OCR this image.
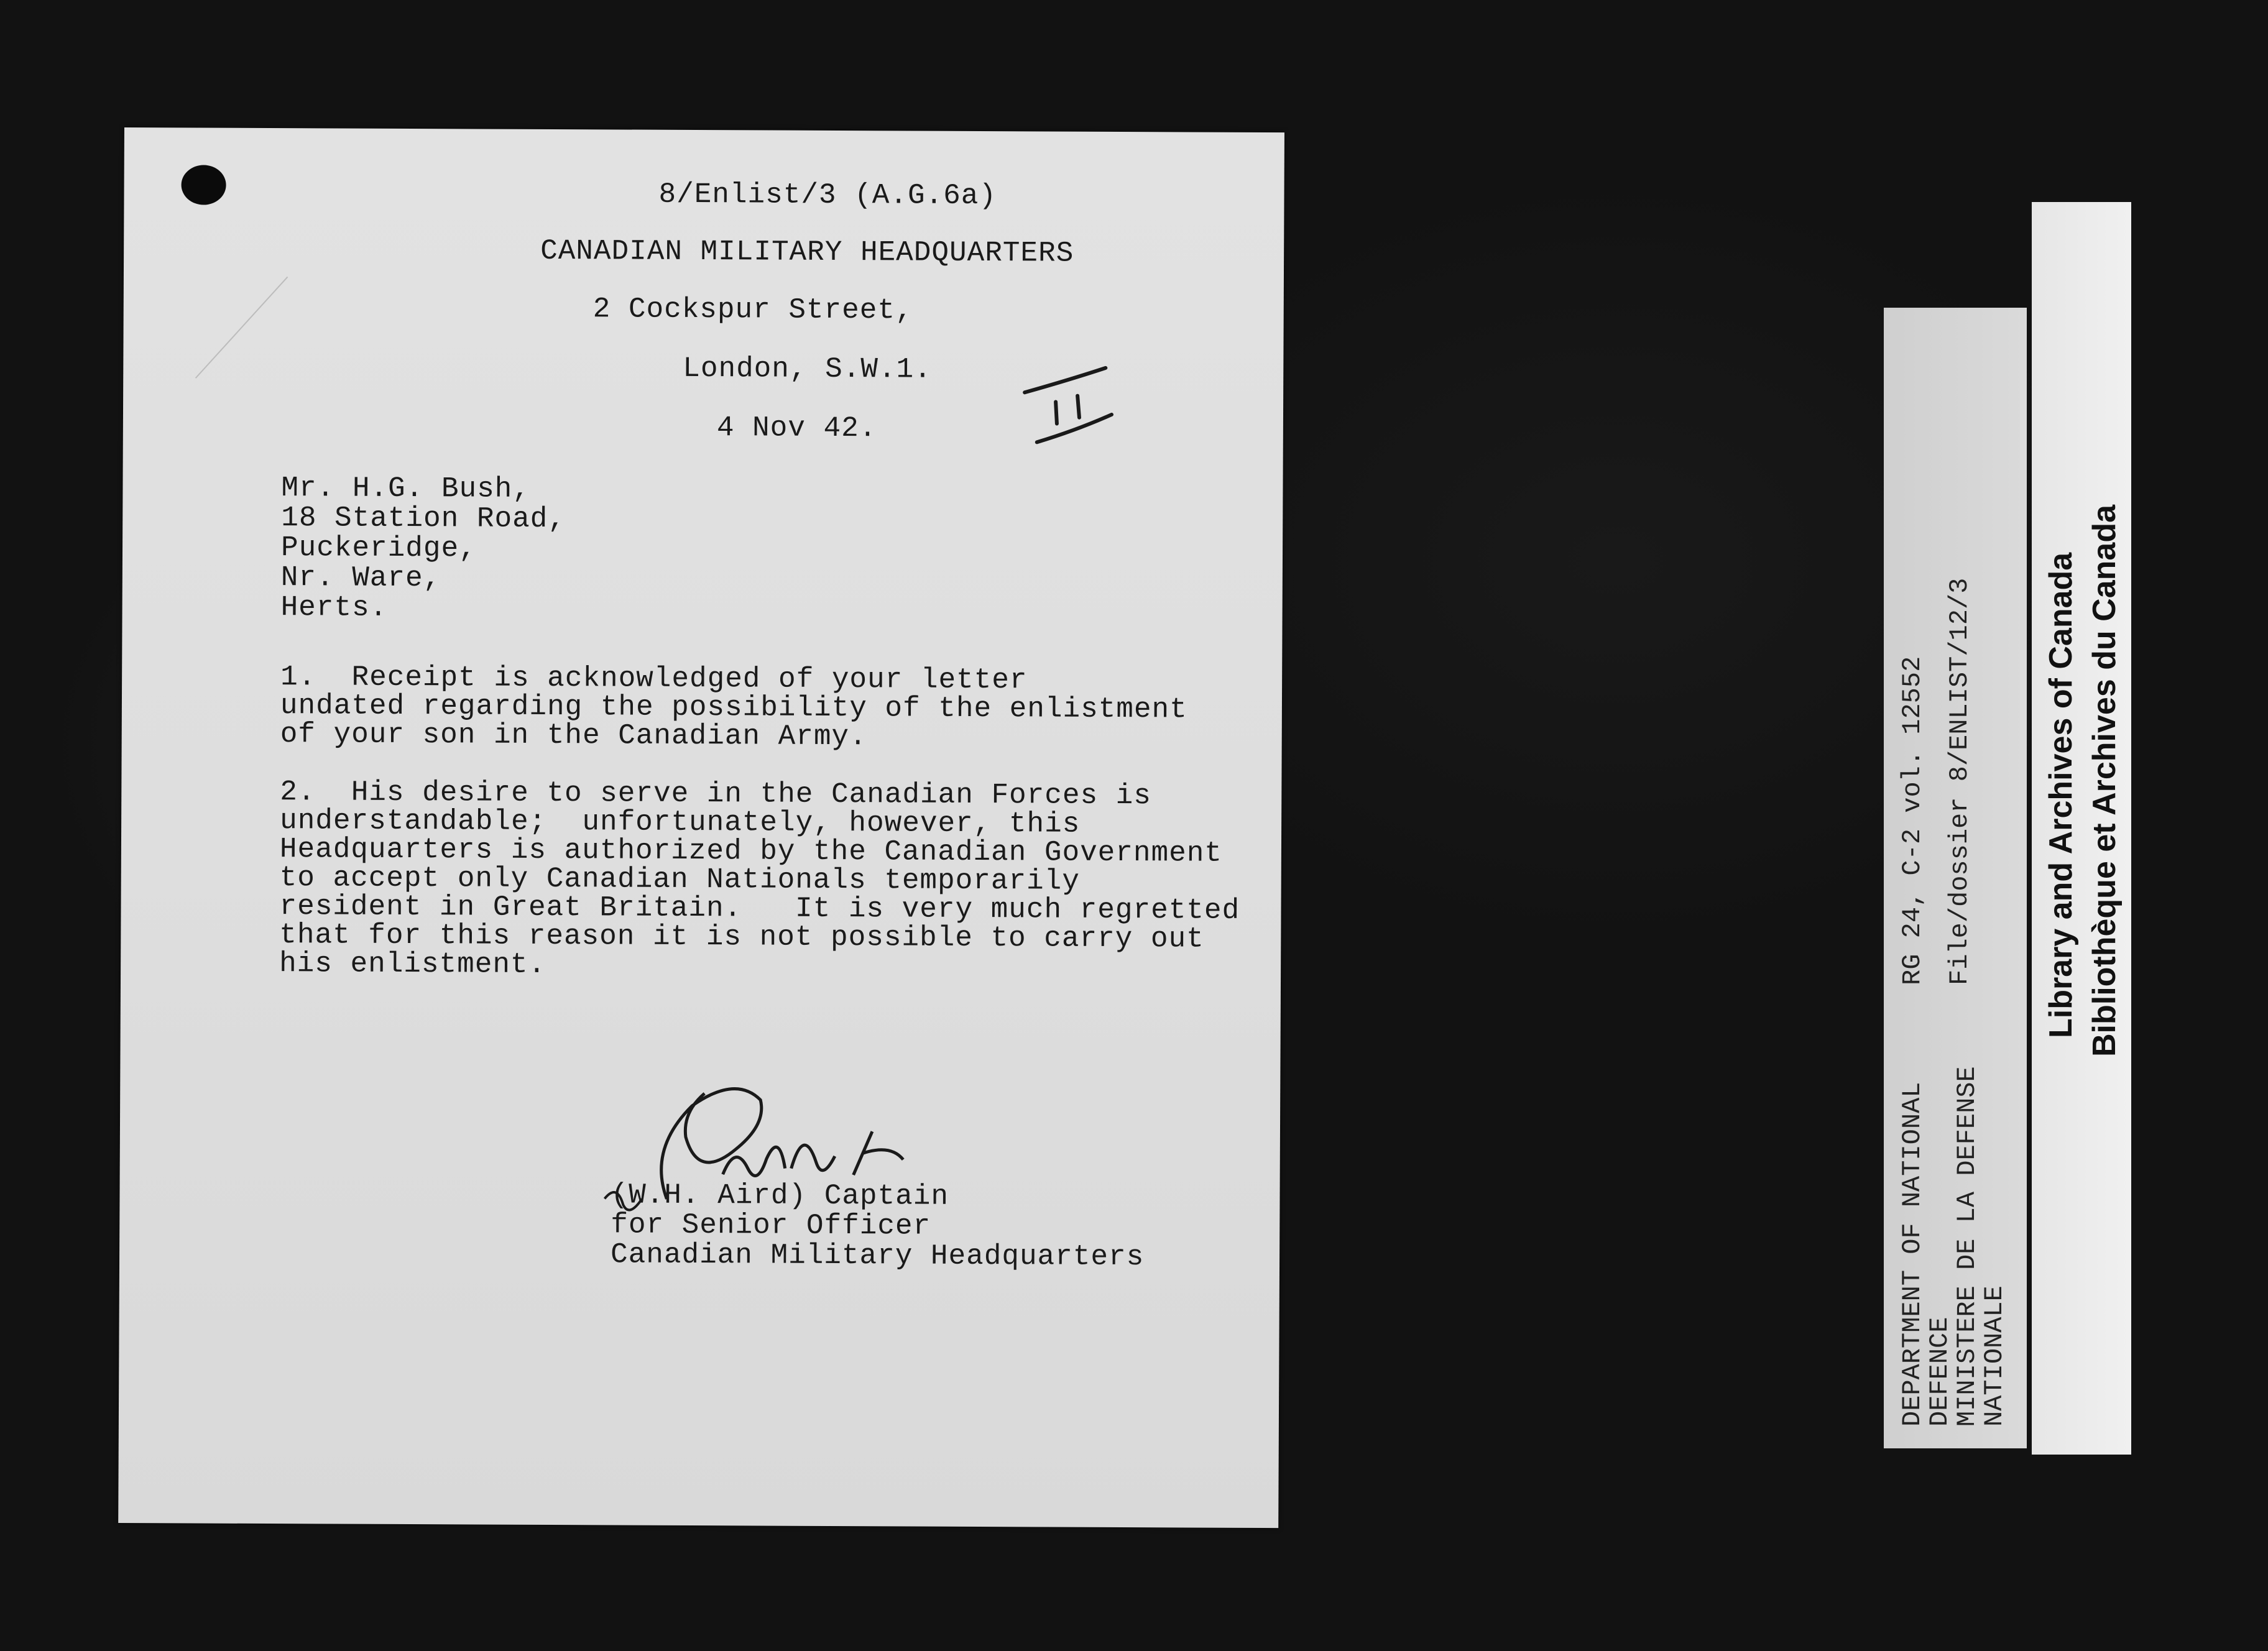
8/Enlist/3 (A.G.6a)
CANADIAN MILITARY HEADQUARTERS
2 Cockspur Street,
London, S.W.1.
4 Nov 42.
Mr. H.G. Bush,
18 Station Road,
Puckeridge,
Nr. Ware,
Herts.
1.  Receipt is acknowledged of your letter
undated regarding the possibility of the enlistment
of your son in the Canadian Army.
2.  His desire to serve in the Canadian Forces is
understandable;  unfortunately, however, this
Headquarters is authorized by the Canadian Government
to accept only Canadian Nationals temporarily
resident in Great Britain.   It is very much regretted
that for this reason it is not possible to carry out
his enlistment.
(W.H. Aird) Captain
for Senior Officer
Canadian Military Headquarters
RG 24, C-2 vol. 12552 File/dossier 8/ENLIST/12/3
DEPARTMENT OF NATIONAL
DEFENCE
MINISTERE DE LA DEFENSE
NATIONALE
Library and Archives of Canada Bibliothèque et Archives du Canada
